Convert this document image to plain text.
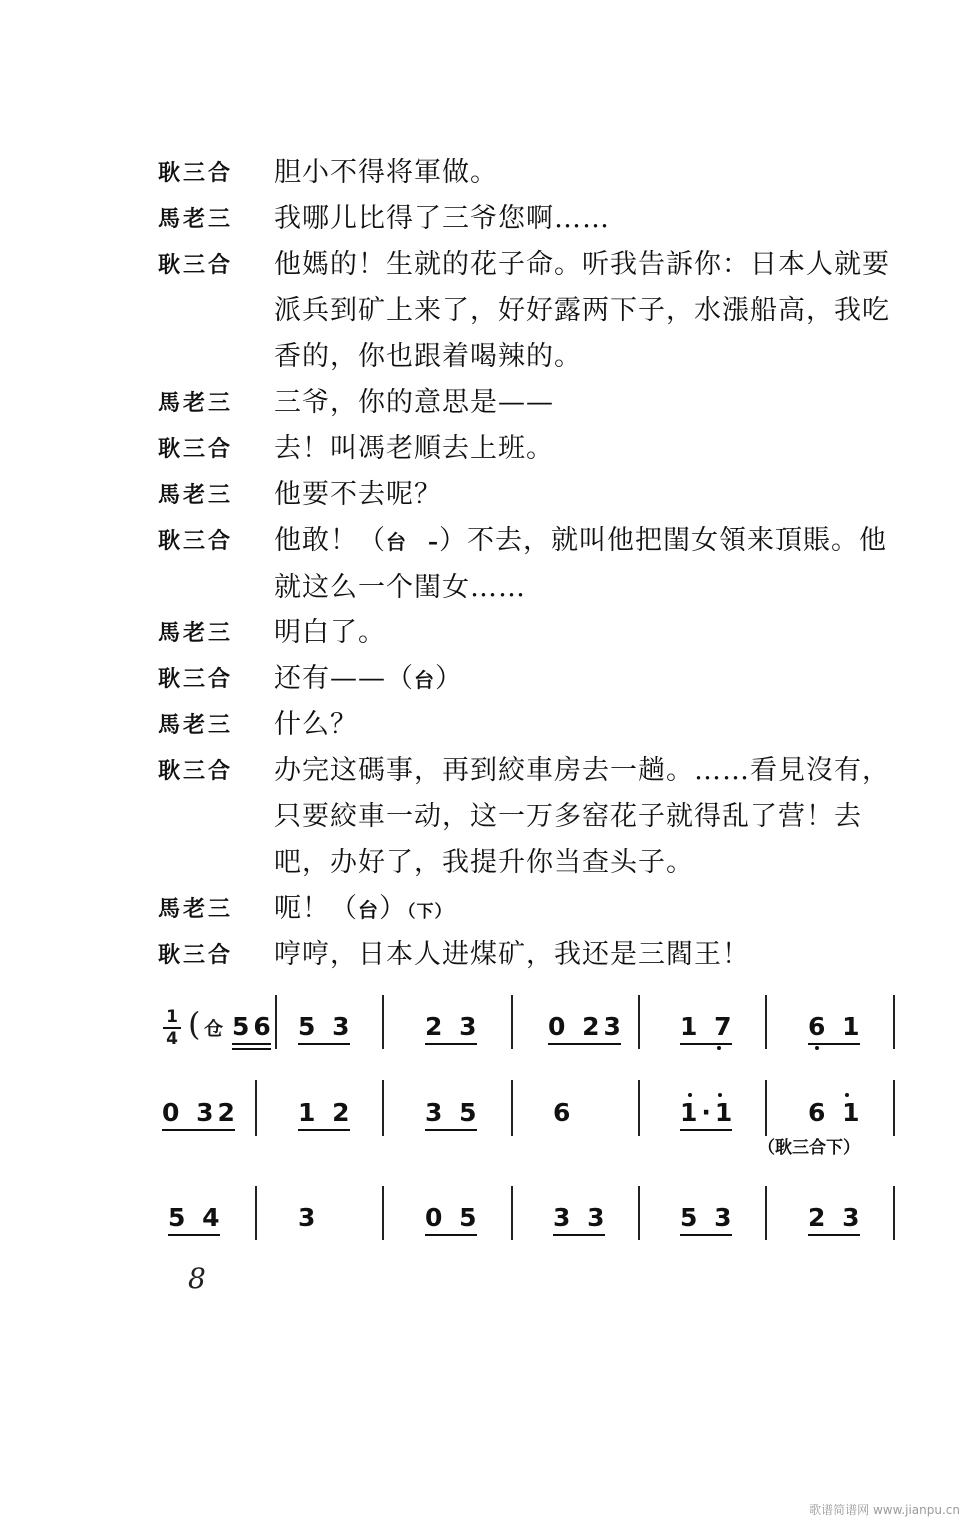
耿三合	胆小不得将軍做。
馬老三	我哪儿比得了三爷您啊……
耿三合	他媽的！生就的花子命。听我告訴你：日本人就要派兵到矿上来了，好好露两下子，水漲船高，我吃香的，你也跟着喝辣的。
馬老三	三爷，你的意思是——
耿三合	去！叫馮老順去上班。
馬老三	他要不去呢？
耿三合	他敢！（台　–）不去，就叫他把閨女領来頂賬。他就这么一个閨女……
馬老三	明白了。
耿三合	还有——（台）
馬老三	什么？
耿三合	办完这碼事，再到絞車房去一趟。……看見沒有，只要絞車一动，这一万多窑花子就得乱了营！去吧，办好了，我提升你当查头子。
馬老三	呃！（台）（下）
耿三合	哼哼，日本人进煤矿，我还是三閻王！
1
4 ( 仓 56 5 3	2 3	0 23 1 7	6 1
0 32 1 2	3 5	6	1·1	6 1
5 4	3	0 5	3 3	5 3	2 3
（耿三合下）
8
歌谱简谱网 www.jianpu.cn
